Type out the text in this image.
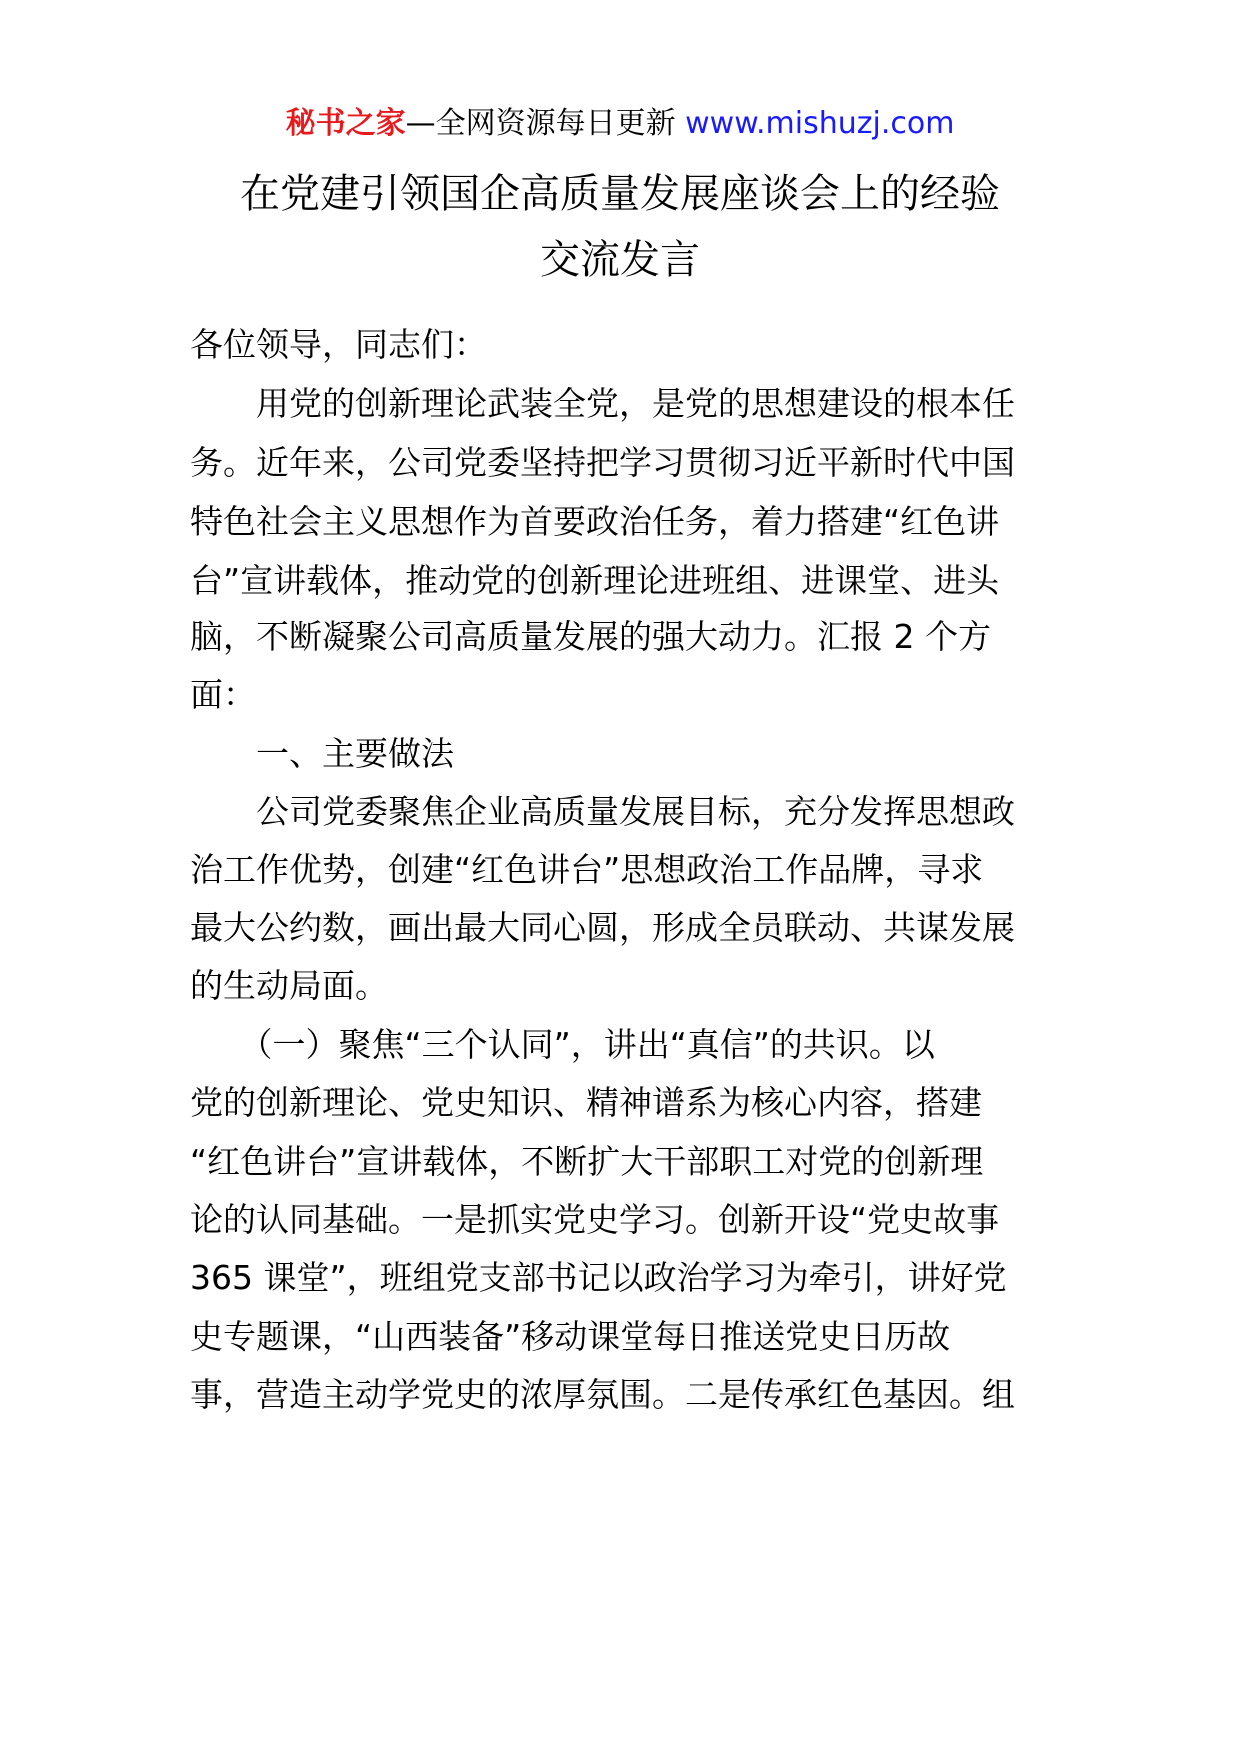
秘书之家—全网资源每日更新 www.mishuzj.com
在党建引领国企高质量发展座谈会上的经验
交流发言
各位领导，同志们：
　　用党的创新理论武装全党，是党的思想建设的根本任
务。近年来，公司党委坚持把学习贯彻习近平新时代中国
特色社会主义思想作为首要政治任务，着力搭建“红色讲
台”宣讲载体，推动党的创新理论进班组、进课堂、进头
脑，不断凝聚公司高质量发展的强大动力。汇报 2 个方
面：
　　一、主要做法
　　公司党委聚焦企业高质量发展目标，充分发挥思想政
治工作优势，创建“红色讲台”思想政治工作品牌，寻求
最大公约数，画出最大同心圆，形成全员联动、共谋发展
的生动局面。
　　（一）聚焦“三个认同”，讲出“真信”的共识。以
党的创新理论、党史知识、精神谱系为核心内容，搭建
“红色讲台”宣讲载体，不断扩大干部职工对党的创新理
论的认同基础。一是抓实党史学习。创新开设“党史故事
365 课堂”，班组党支部书记以政治学习为牵引，讲好党
史专题课，“山西装备”移动课堂每日推送党史日历故
事，营造主动学党史的浓厚氛围。二是传承红色基因。组
